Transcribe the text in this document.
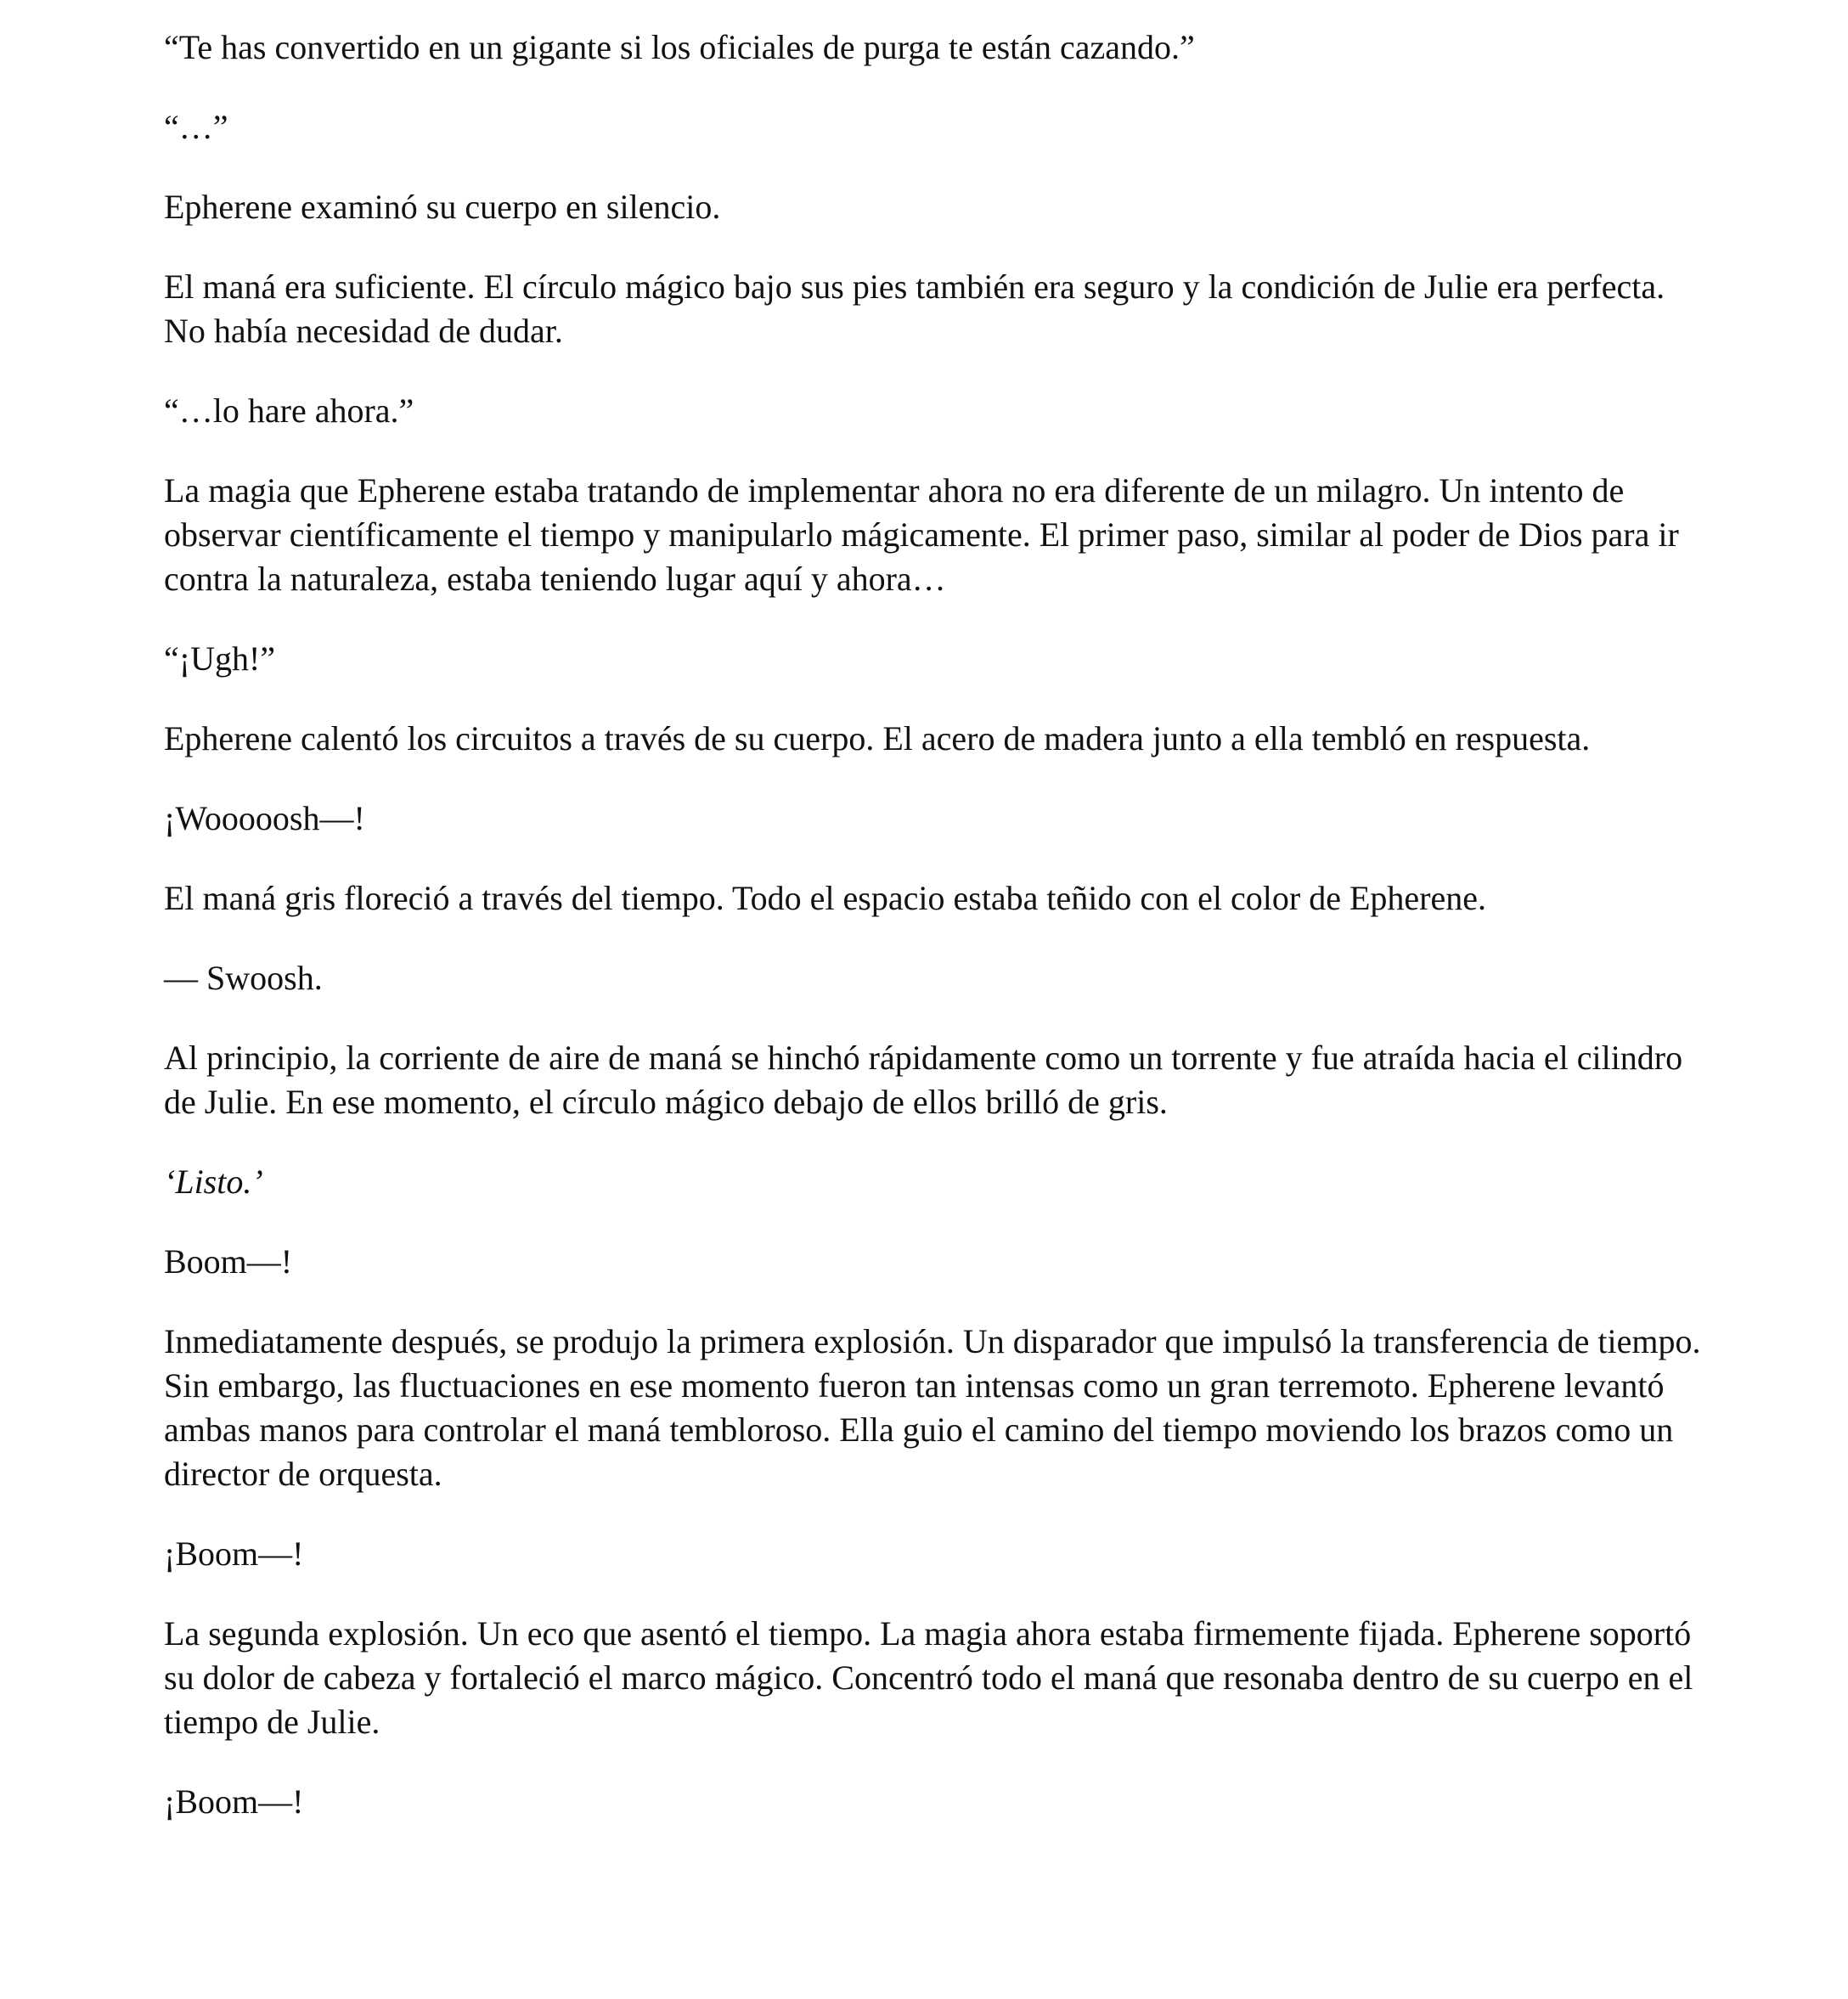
“Te has convertido en un gigante si los oficiales de purga te están cazando.”

“…”

Epherene examinó su cuerpo en silencio.

El maná era suficiente. El círculo mágico bajo sus pies también era seguro y la condición de Julie era perfecta. No había necesidad de dudar.

“…lo hare ahora.”

La magia que Epherene estaba tratando de implementar ahora no era diferente de un milagro. Un intento de observar científicamente el tiempo y manipularlo mágicamente. El primer paso, similar al poder de Dios para ir contra la naturaleza, estaba teniendo lugar aquí y ahora…

“¡Ugh!”

Epherene calentó los circuitos a través de su cuerpo. El acero de madera junto a ella tembló en respuesta.

¡Wooooosh—!

El maná gris floreció a través del tiempo. Todo el espacio estaba teñido con el color de Epherene.

— Swoosh.

Al principio, la corriente de aire de maná se hinchó rápidamente como un torrente y fue atraída hacia el cilindro de Julie. En ese momento, el círculo mágico debajo de ellos brilló de gris.

‘Listo.’

Boom—!

Inmediatamente después, se produjo la primera explosión. Un disparador que impulsó la transferencia de tiempo. Sin embargo, las fluctuaciones en ese momento fueron tan intensas como un gran terremoto. Epherene levantó ambas manos para controlar el maná tembloroso. Ella guio el camino del tiempo moviendo los brazos como un director de orquesta.

¡Boom—!

La segunda explosión. Un eco que asentó el tiempo. La magia ahora estaba firmemente fijada. Epherene soportó su dolor de cabeza y fortaleció el marco mágico. Concentró todo el maná que resonaba dentro de su cuerpo en el tiempo de Julie.

¡Boom—!
